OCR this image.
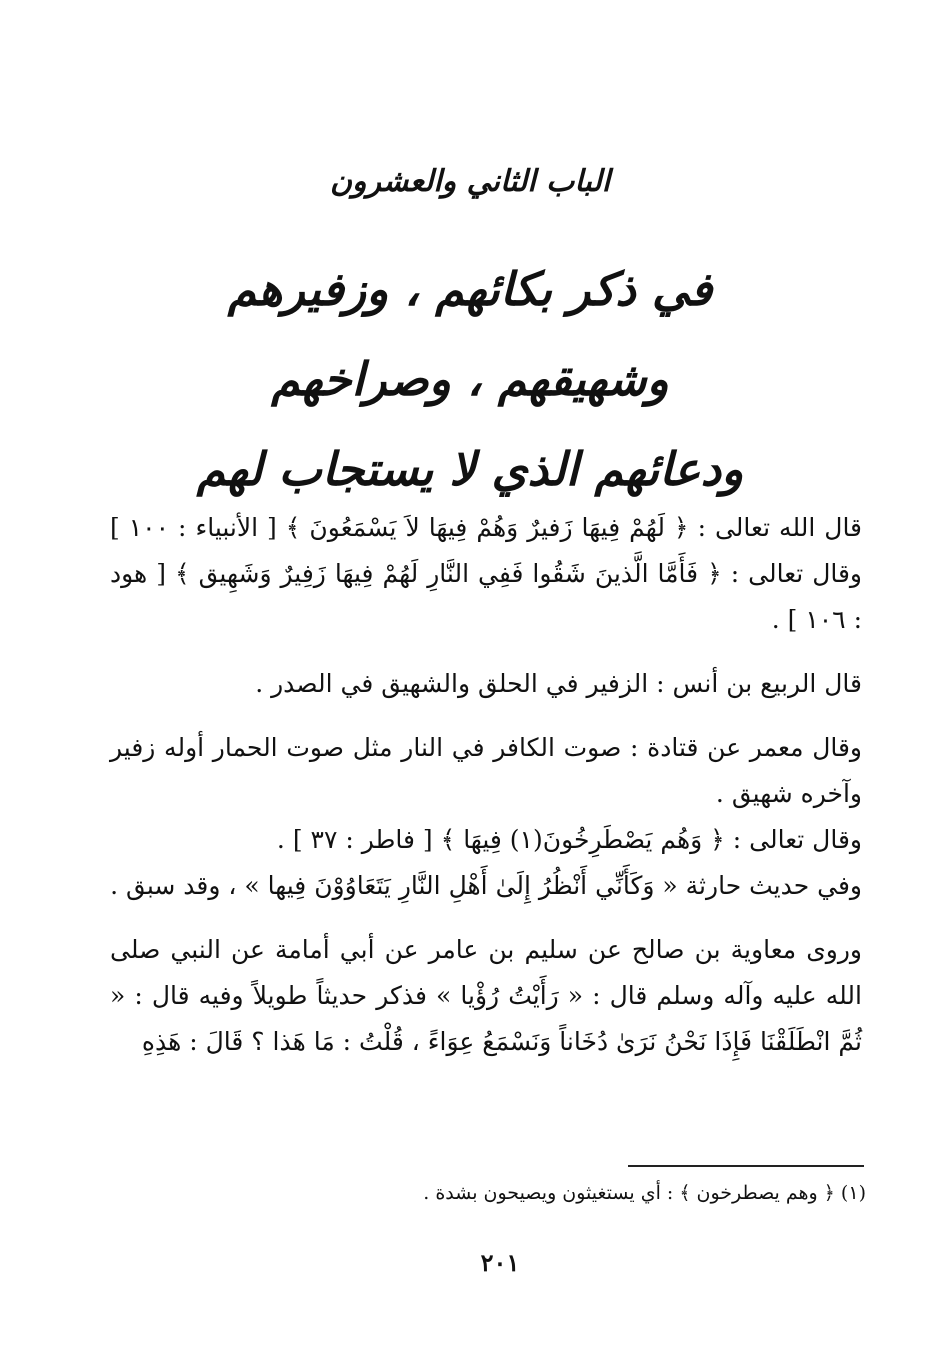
الباب الثاني والعشرون
في ذكر بكائهم ، وزفيرهم وشهيقهم ، وصراخهم
ودعائهم الذي لا يستجاب لهم

قال الله تعالى : ﴿ لَهُمْ فِيهَا زَفيرٌ وَهُمْ فِيهَا لاَ يَسْمَعُونَ ﴾ [ الأنبياء : ١٠٠ ] وقال تعالى : ﴿ فَأَمَّا الَّذينَ شَقُوا فَفِي النَّارِ لَهُمْ فِيهَا زَفِيرٌ وَشَهِيق ﴾ [ هود : ١٠٦ ] .

قال الربيع بن أنس : الزفير في الحلق والشهيق في الصدر .

وقال معمر عن قتادة : صوت الكافر في النار مثل صوت الحمار أوله زفير وآخره شهيق .

وقال تعالى : ﴿ وَهُم يَصْطَرِخُونَ(١) فِيهَا ﴾ [ فاطر : ٣٧ ] .

وفي حديث حارثة « وَكَأَنِّي أَنْظُرُ إِلَىٰ أَهْلِ النَّارِ يَتَعَاوُوْنَ فِيها » ، وقد سبق .

وروى معاوية بن صالح عن سليم بن عامر عن أبي أمامة عن النبي صلى الله عليه وآله وسلم قال : « رَأَيْتُ رُؤْيا » فذكر حديثاً طويلاً وفيه قال : « ثُمَّ انْطَلَقْنَا فَإِذَا نَحْنُ نَرَىٰ دُخَاناً وَنَسْمَعُ عِوَاءً ، قُلْتُ : مَا هَذا ؟ قَالَ : هَذِهِ

(١) ﴿ وهم يصطرخون ﴾ : أي يستغيثون ويصيحون بشدة .
٢٠١
